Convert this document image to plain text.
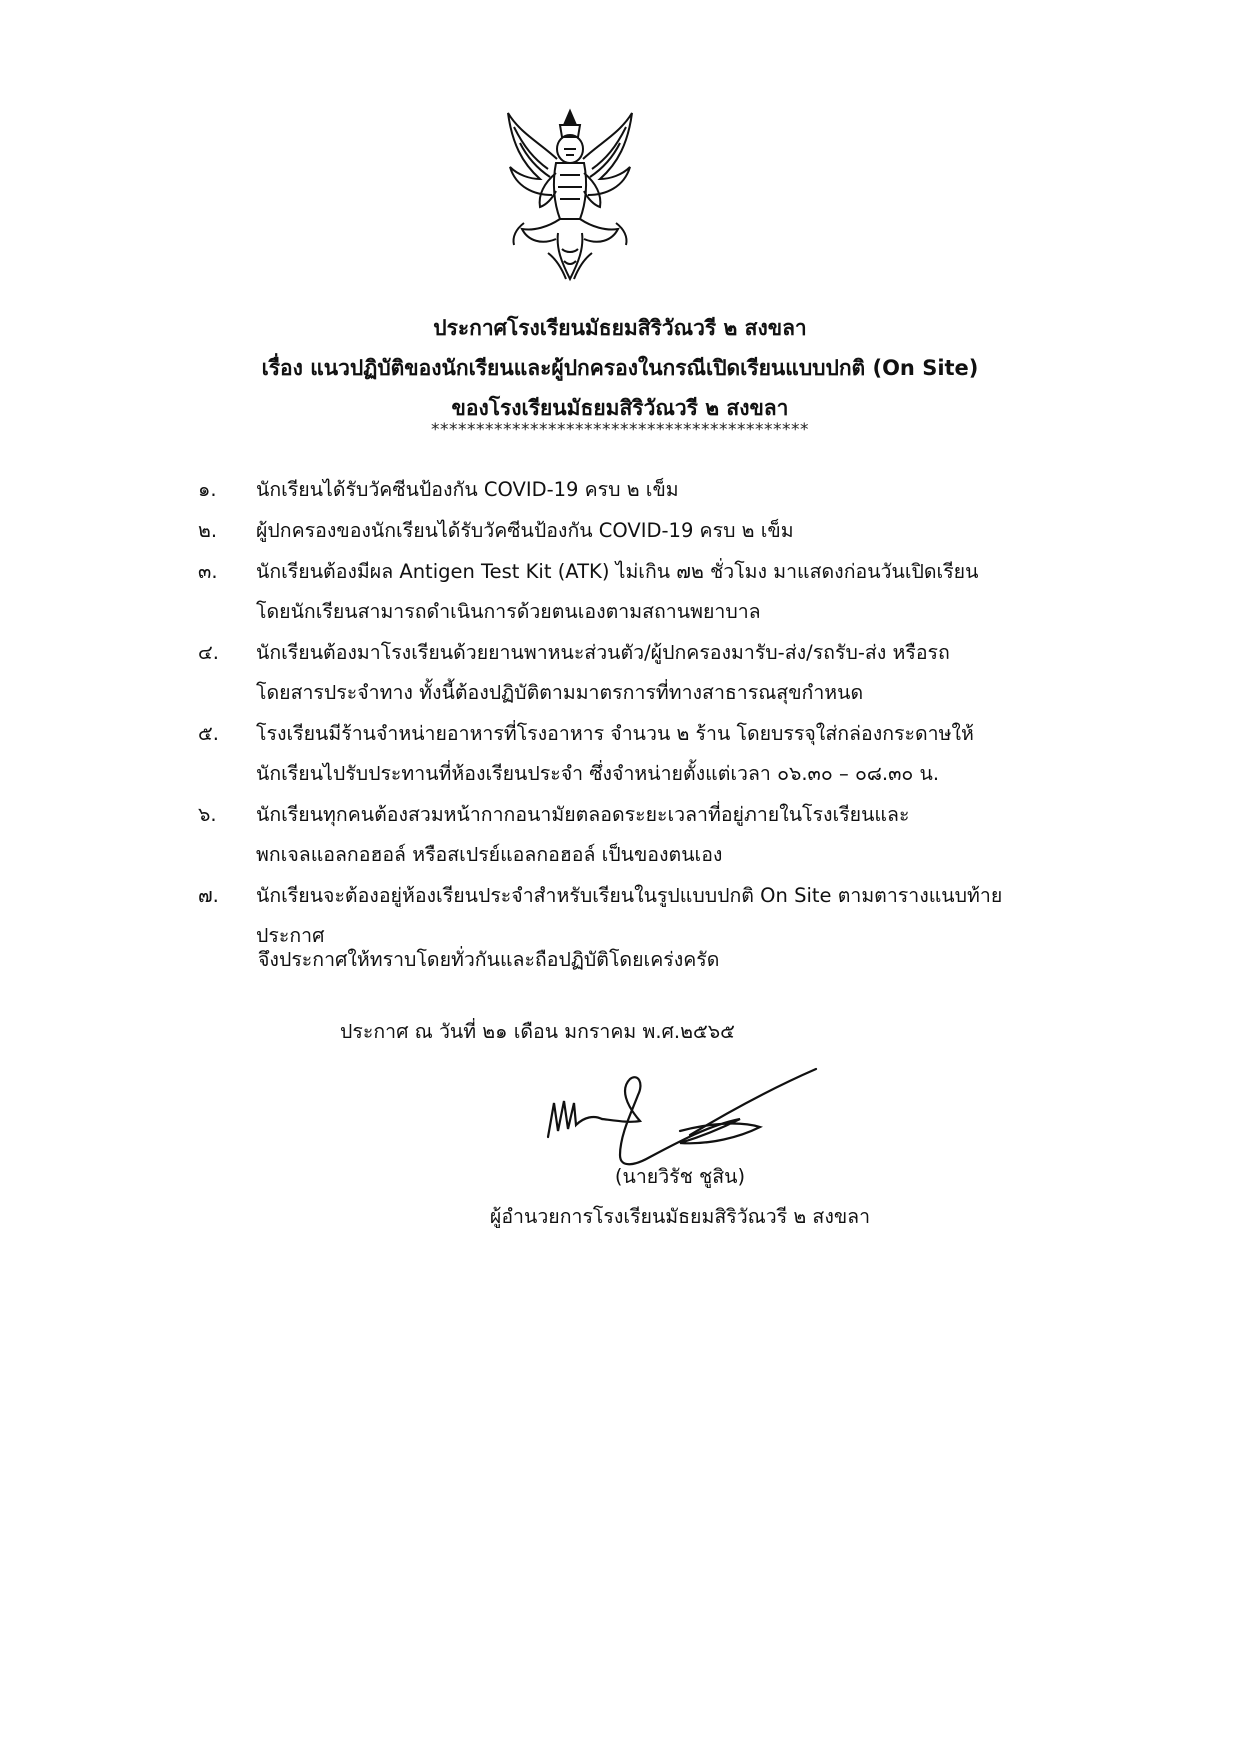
ประกาศโรงเรียนมัธยมสิริวัณวรี ๒ สงขลา
เรื่อง แนวปฏิบัติของนักเรียนและผู้ปกครองในกรณีเปิดเรียนแบบปกติ (On Site)
ของโรงเรียนมัธยมสิริวัณวรี ๒ สงขลา
******************************************
๑.	นักเรียนได้รับวัคซีนป้องกัน COVID-19 ครบ ๒ เข็ม
๒.	ผู้ปกครองของนักเรียนได้รับวัคซีนป้องกัน COVID-19 ครบ ๒ เข็ม
๓.	นักเรียนต้องมีผล Antigen Test Kit (ATK) ไม่เกิน ๗๒ ชั่วโมง มาแสดงก่อนวันเปิดเรียน
โดยนักเรียนสามารถดำเนินการด้วยตนเองตามสถานพยาบาล
๔.	นักเรียนต้องมาโรงเรียนด้วยยานพาหนะส่วนตัว/ผู้ปกครองมารับ-ส่ง/รถรับ-ส่ง หรือรถ
โดยสารประจำทาง ทั้งนี้ต้องปฏิบัติตามมาตรการที่ทางสาธารณสุขกำหนด
๕.	โรงเรียนมีร้านจำหน่ายอาหารที่โรงอาหาร จำนวน ๒ ร้าน โดยบรรจุใส่กล่องกระดาษให้
นักเรียนไปรับประทานที่ห้องเรียนประจำ ซึ่งจำหน่ายตั้งแต่เวลา ๐๖.๓๐ – ๐๘.๓๐ น.
๖.	นักเรียนทุกคนต้องสวมหน้ากากอนามัยตลอดระยะเวลาที่อยู่ภายในโรงเรียนและ
พกเจลแอลกอฮอล์ หรือสเปรย์แอลกอฮอล์ เป็นของตนเอง
๗.	นักเรียนจะต้องอยู่ห้องเรียนประจำสำหรับเรียนในรูปแบบปกติ On Site ตามตารางแนบท้าย
ประกาศ
จึงประกาศให้ทราบโดยทั่วกันและถือปฏิบัติโดยเคร่งครัด
ประกาศ ณ วันที่ ๒๑ เดือน มกราคม พ.ศ.๒๕๖๕
(นายวิรัช ชูสิน)
ผู้อำนวยการโรงเรียนมัธยมสิริวัณวรี ๒ สงขลา
